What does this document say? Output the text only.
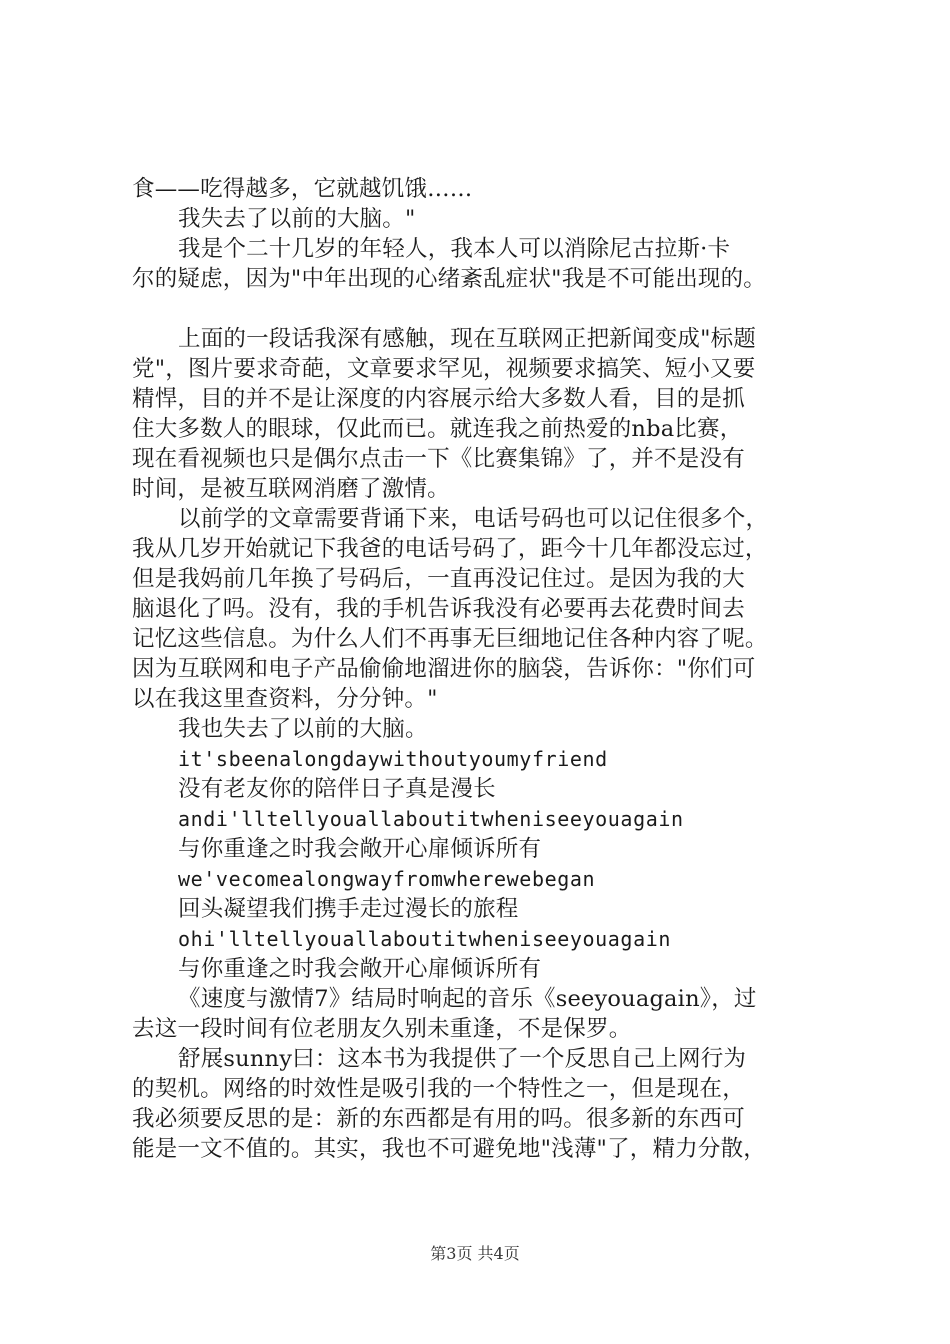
食——吃得越多，它就越饥饿……
我失去了以前的大脑。"
我是个二十几岁的年轻人，我本人可以消除尼古拉斯·卡
尔的疑虑，因为"中年出现的心绪紊乱症状"我是不可能出现的。
上面的一段话我深有感触，现在互联网正把新闻变成"标题
党"，图片要求奇葩，文章要求罕见，视频要求搞笑、短小又要
精悍，目的并不是让深度的内容展示给大多数人看，目的是抓
住大多数人的眼球，仅此而已。就连我之前热爱的nba比赛，
现在看视频也只是偶尔点击一下《比赛集锦》了，并不是没有
时间，是被互联网消磨了激情。
以前学的文章需要背诵下来，电话号码也可以记住很多个，
我从几岁开始就记下我爸的电话号码了，距今十几年都没忘过，
但是我妈前几年换了号码后，一直再没记住过。是因为我的大
脑退化了吗。没有，我的手机告诉我没有必要再去花费时间去
记忆这些信息。为什么人们不再事无巨细地记住各种内容了呢。
因为互联网和电子产品偷偷地溜进你的脑袋，告诉你："你们可
以在我这里查资料，分分钟。"
我也失去了以前的大脑。
it'sbeenalongdaywithoutyoumyfriend
没有老友你的陪伴日子真是漫长
andi'lltellyouallaboutitwheniseeyouagain
与你重逢之时我会敞开心扉倾诉所有
we'vecomealongwayfromwherewebegan
回头凝望我们携手走过漫长的旅程
ohi'lltellyouallaboutitwheniseeyouagain
与你重逢之时我会敞开心扉倾诉所有
《速度与激情7》结局时响起的音乐《seeyouagain》，过
去这一段时间有位老朋友久别未重逢，不是保罗。
舒展sunny曰：这本书为我提供了一个反思自己上网行为
的契机。网络的时效性是吸引我的一个特性之一，但是现在，
我必须要反思的是：新的东西都是有用的吗。很多新的东西可
能是一文不值的。其实，我也不可避免地"浅薄"了，精力分散，
第3页 共4页
